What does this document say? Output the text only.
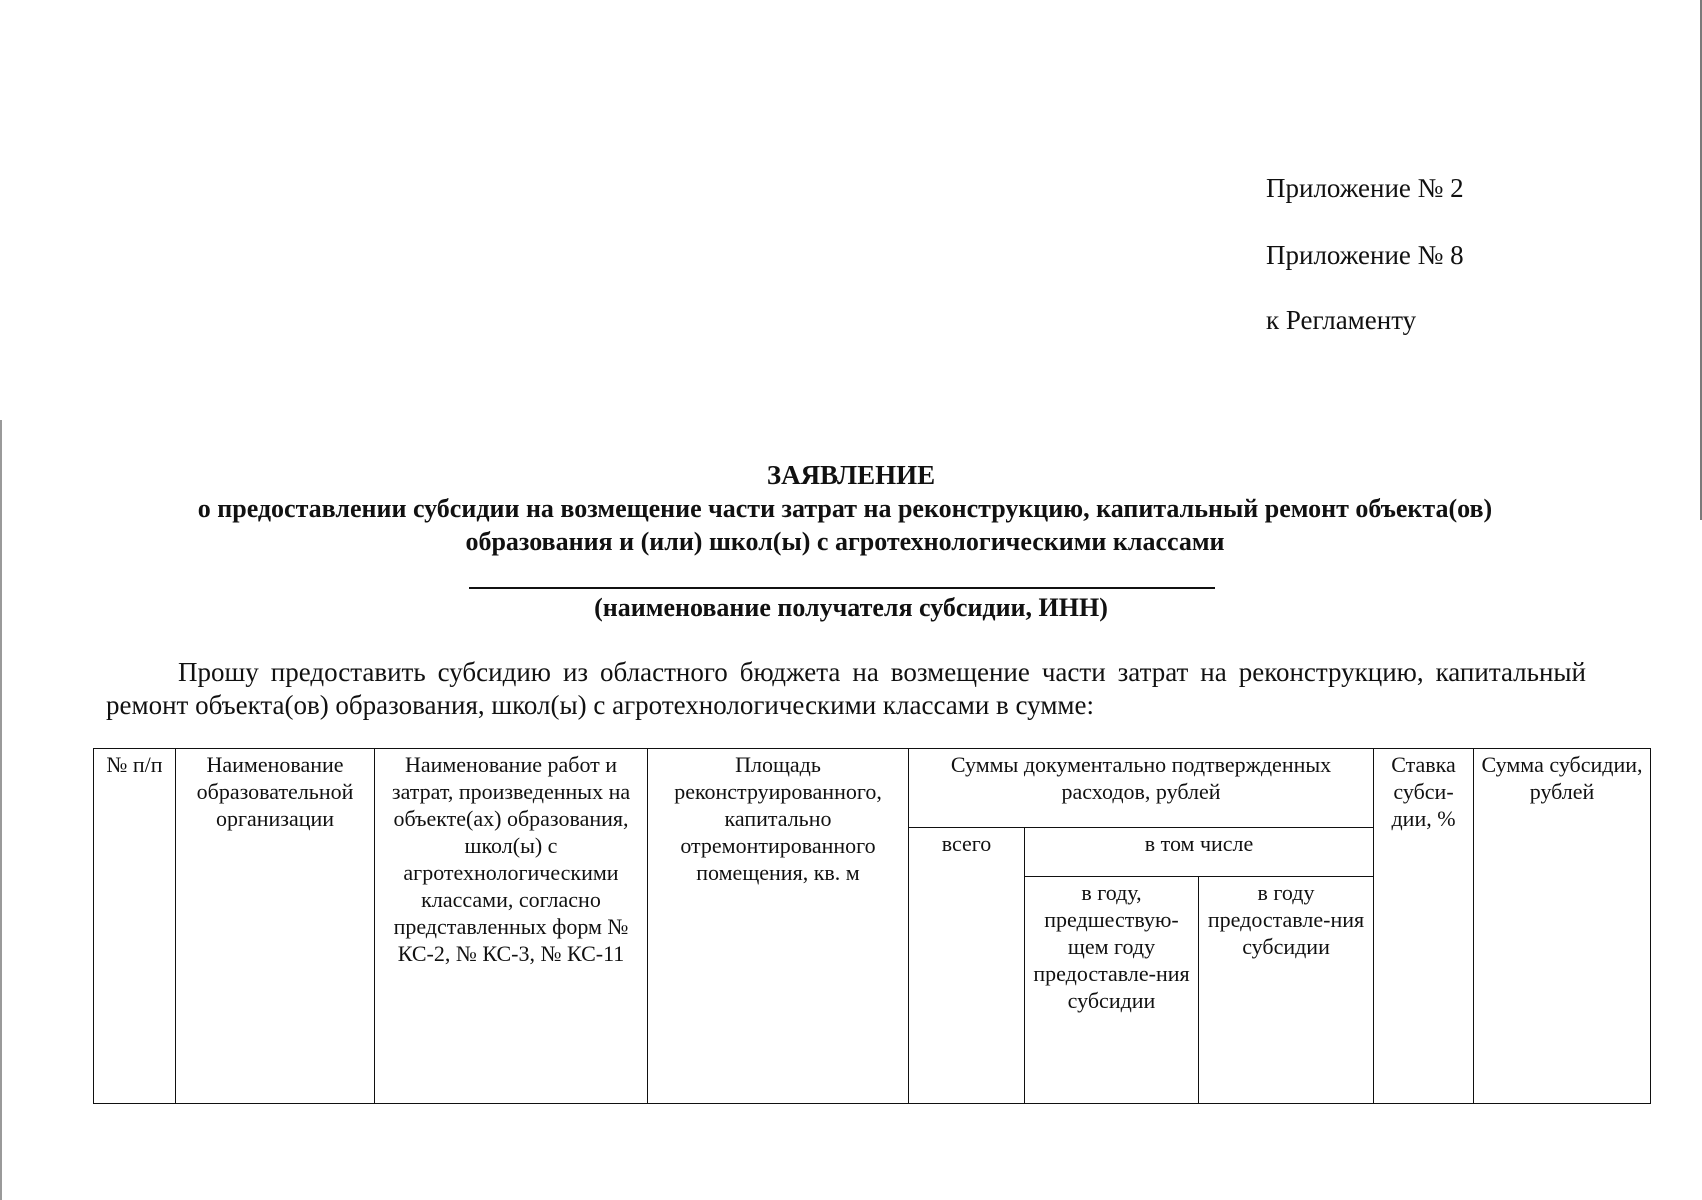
Приложение № 2
Приложение № 8
к Регламенту
ЗАЯВЛЕНИЕ
о предоставлении субсидии на возмещение части затрат на реконструкцию, капитальный ремонт объекта(ов) образования и (или) школ(ы) с агротехнологическими классами
(наименование получателя субсидии, ИНН)
Прошу предоставить субсидию из областного бюджета на возмещение части затрат на реконструкцию, капитальный ремонт объекта(ов) образования, школ(ы) с агротехнологическими классами в сумме:
№ п/п	Наименование образовательной организации	Наименование работ и затрат, произведенных на объекте(ах) образования, школ(ы) с агротехнологическими классами, согласно представленных форм № КС-2, № КС-3, № КС-11	Площадь реконструированного, капитально отремонтированного помещения, кв. м	Суммы документально подтвержденных расходов, рублей			Ставка субси-дии, %	Сумма субсидии, рублей
				всего	в том числе			
					в году, предшествую-щем году предоставле-ния субсидии	в году предоставле-ния субсидии		
